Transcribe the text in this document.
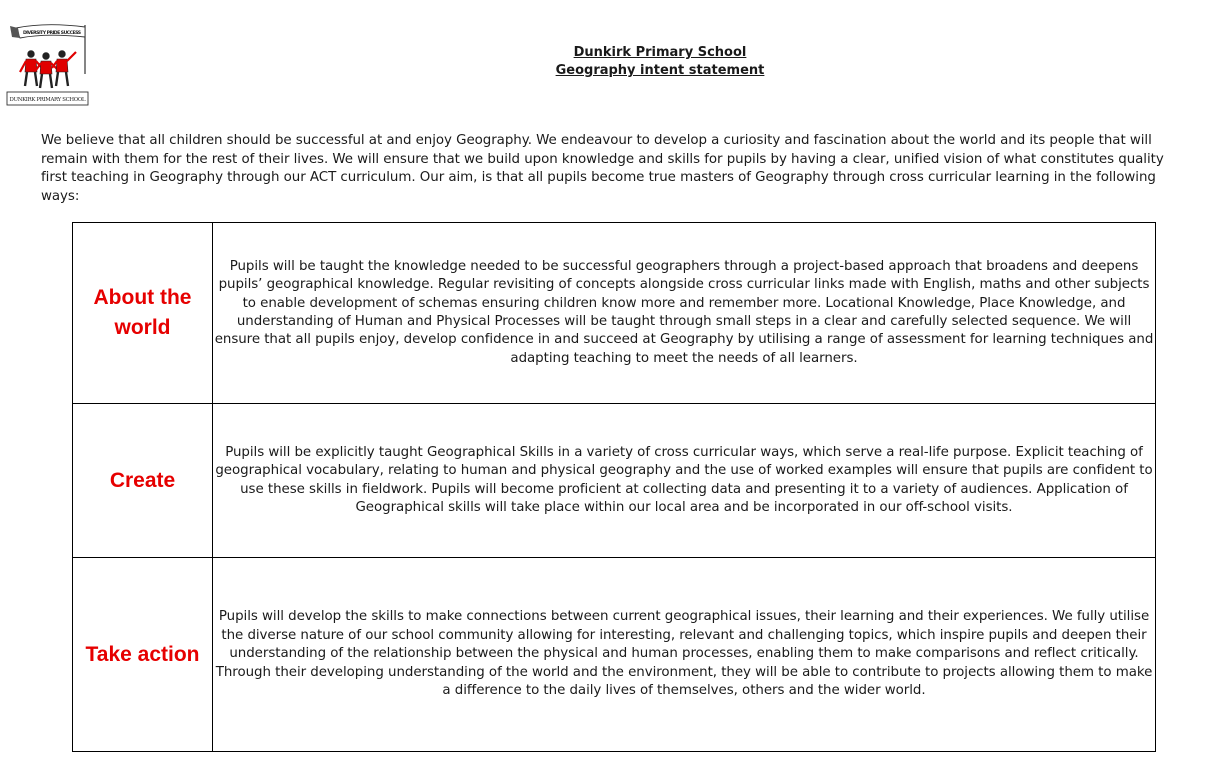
DIVERSITY PRIDE SUCCESS
DUNKIRK PRIMARY SCHOOL
Dunkirk Primary School
Geography intent statement

We believe that all children should be successful at and enjoy Geography. We endeavour to develop a curiosity and fascination about the world and its people that will remain with them for the rest of their lives. We will ensure that we build upon knowledge and skills for pupils by having a clear, unified vision of what constitutes quality first teaching in Geography through our ACT curriculum. Our aim, is that all pupils become true masters of Geography through cross curricular learning in the following ways:

About the world	Pupils will be taught the knowledge needed to be successful geographers through a project-based approach that broadens and deepens pupils’ geographical knowledge. Regular revisiting of concepts alongside cross curricular links made with English, maths and other subjects to enable development of schemas ensuring children know more and remember more. Locational Knowledge, Place Knowledge, and understanding of Human and Physical Processes will be taught through small steps in a clear and carefully selected sequence. We will ensure that all pupils enjoy, develop confidence in and succeed at Geography by utilising a range of assessment for learning techniques and adapting teaching to meet the needs of all learners.
Create	Pupils will be explicitly taught Geographical Skills in a variety of cross curricular ways, which serve a real-life purpose. Explicit teaching of geographical vocabulary, relating to human and physical geography and the use of worked examples will ensure that pupils are confident to use these skills in fieldwork. Pupils will become proficient at collecting data and presenting it to a variety of audiences. Application of Geographical skills will take place within our local area and be incorporated in our off-school visits.
Take action	Pupils will develop the skills to make connections between current geographical issues, their learning and their experiences. We fully utilise the diverse nature of our school community allowing for interesting, relevant and challenging topics, which inspire pupils and deepen their understanding of the relationship between the physical and human processes, enabling them to make comparisons and reflect critically. Through their developing understanding of the world and the environment, they will be able to contribute to projects allowing them to make a difference to the daily lives of themselves, others and the wider world.
